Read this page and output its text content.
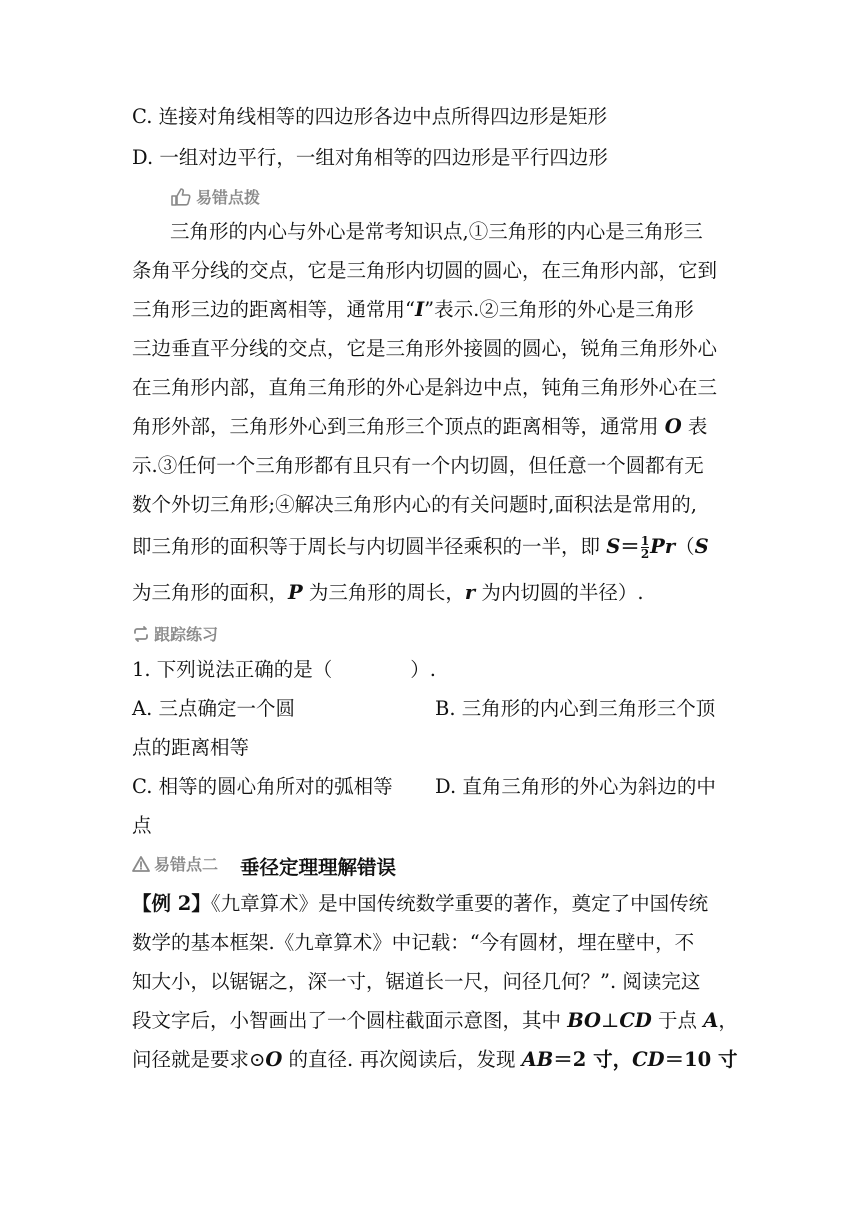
C. 连接对角线相等的四边形各边中点所得四边形是矩形
D. 一组对边平行，一组对角相等的四边形是平行四边形
易错点拨
三角形的内心与外心是常考知识点,①三角形的内心是三角形三
条角平分线的交点，它是三角形内切圆的圆心，在三角形内部，它到
三角形三边的距离相等，通常用“I”表示.②三角形的外心是三角形
三边垂直平分线的交点，它是三角形外接圆的圆心，锐角三角形外心
在三角形内部，直角三角形的外心是斜边中点，钝角三角形外心在三
角形外部，三角形外心到三角形三个顶点的距离相等，通常用 O 表
示.③任何一个三角形都有且只有一个内切圆，但任意一个圆都有无
数个外切三角形;④解决三角形内心的有关问题时,面积法是常用的,
即三角形的面积等于周长与内切圆半径乘积的一半，即 $S= \frac{1}{2} Pr(S$
为三角形的面积，P 为三角形的周长，r 为内切圆的半径）.
跟踪练习
1. 下列说法正确的是（　　　　）.
A. 三点确定一个圆	B. 三角形的内心到三角形三个顶
点的距离相等
C. 相等的圆心角所对的弧相等 D. 直角三角形的外心为斜边的中
点
易错点二 垂径定理理解错误
【例 2】《九章算术》是中国传统数学重要的著作，奠定了中国传统
数学的基本框架.《九章算术》中记载：“今有圆材，埋在壁中，不
知大小，以锯锯之，深一寸，锯道长一尺，问径几何？”. 阅读完这
段文字后，小智画出了一个圆柱截面示意图，其中 BO⊥CD 于点 A，
问径就是要求⊙O 的直径. 再次阅读后，发现 AB＝2 寸，CD＝10 寸
